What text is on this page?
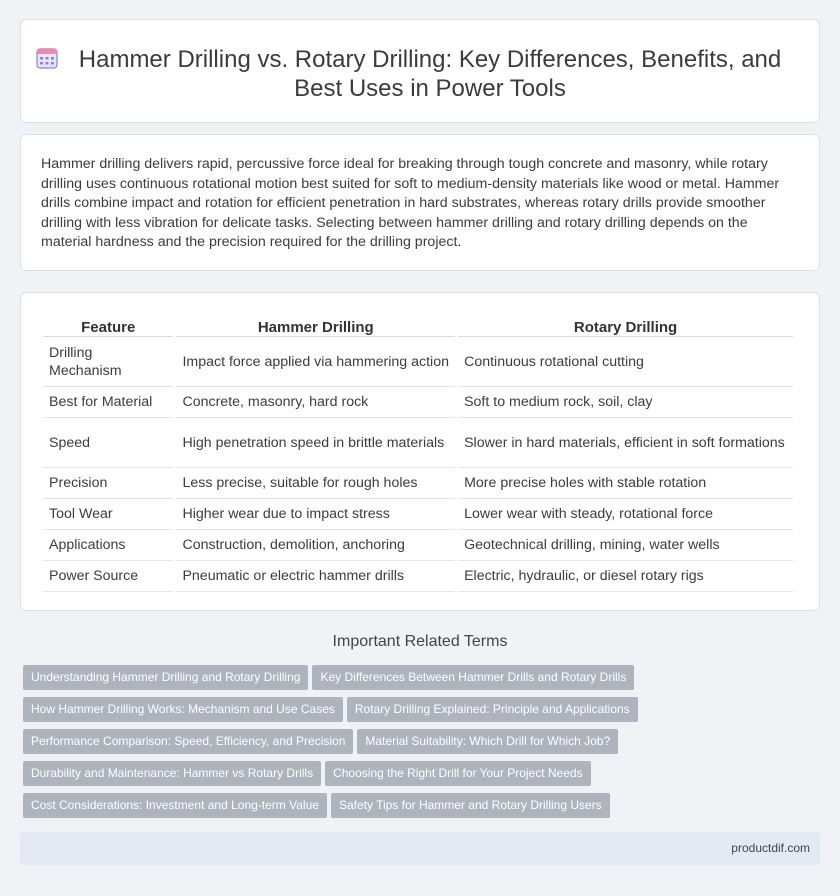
Hammer Drilling vs. Rotary Drilling: Key Differences, Benefits, and Best Uses in Power Tools

Hammer drilling delivers rapid, percussive force ideal for breaking through tough concrete and masonry, while rotary drilling uses continuous rotational motion best suited for soft to medium-density materials like wood or metal. Hammer drills combine impact and rotation for efficient penetration in hard substrates, whereas rotary drills provide smoother drilling with less vibration for delicate tasks. Selecting between hammer drilling and rotary drilling depends on the material hardness and the precision required for the drilling project.

Feature	Hammer Drilling	Rotary Drilling
Drilling Mechanism	Impact force applied via hammering action	Continuous rotational cutting
Best for Material	Concrete, masonry, hard rock	Soft to medium rock, soil, clay
Speed	High penetration speed in brittle materials	Slower in hard materials, efficient in soft formations
Precision	Less precise, suitable for rough holes	More precise holes with stable rotation
Tool Wear	Higher wear due to impact stress	Lower wear with steady, rotational force
Applications	Construction, demolition, anchoring	Geotechnical drilling, mining, water wells
Power Source	Pneumatic or electric hammer drills	Electric, hydraulic, or diesel rotary rigs
Important Related Terms
Understanding Hammer Drilling and Rotary Drilling Key Differences Between Hammer Drills and Rotary Drills
How Hammer Drilling Works: Mechanism and Use Cases Rotary Drilling Explained: Principle and Applications
Performance Comparison: Speed, Efficiency, and Precision Material Suitability: Which Drill for Which Job?
Durability and Maintenance: Hammer vs Rotary Drills Choosing the Right Drill for Your Project Needs
Cost Considerations: Investment and Long-term Value Safety Tips for Hammer and Rotary Drilling Users
productdif.com
